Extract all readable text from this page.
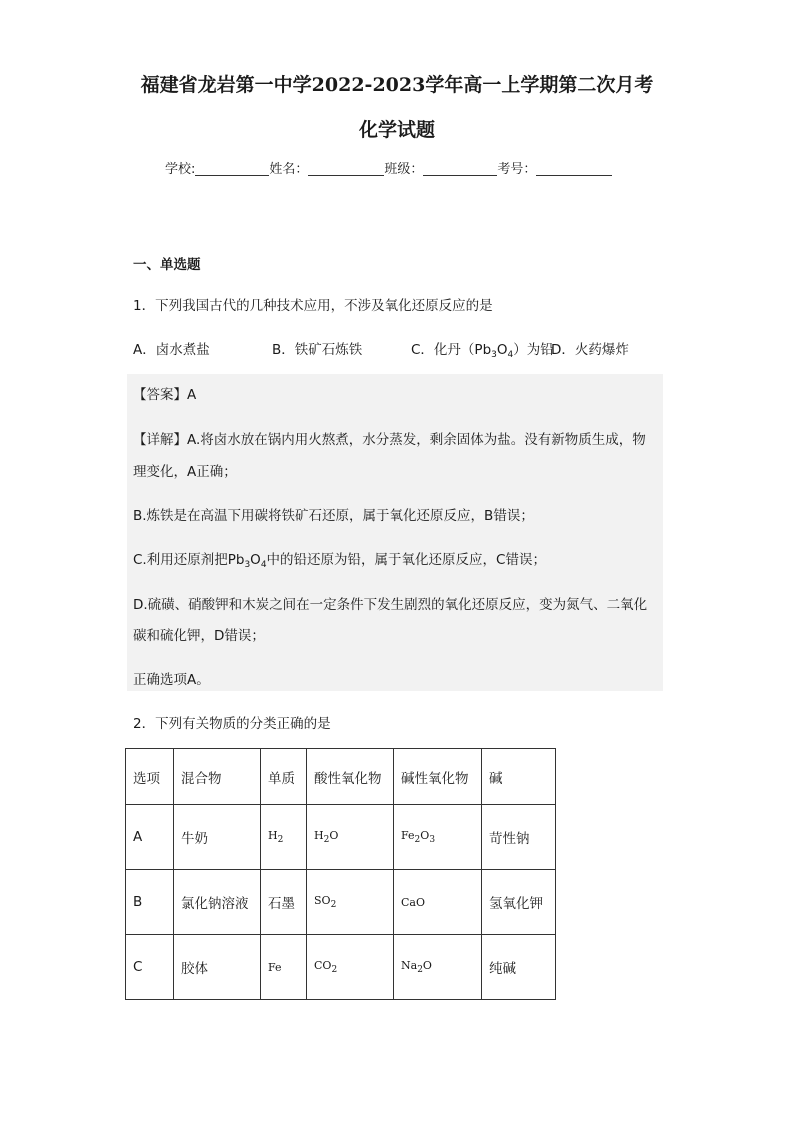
福建省龙岩第一中学2022-2023学年高一上学期第二次月考
化学试题
学校:	姓名：	班级：	考号：
一、单选题
1．下列我国古代的几种技术应用，不涉及氧化还原反应的是
A．卤水煮盐	B．铁矿石炼铁	C．化丹$(Pb_3O_4)$为铅
D．火药爆炸
【答案】A
【详解】A.将卤水放在锅内用火熬煮，水分蒸发，剩余固体为盐。没有新物质生成，物
理变化，A正确；
B.炼铁是在高温下用碳将铁矿石还原，属于氧化还原反应，B错误；
C.利用还原剂把$Pb_3O_4$中的铅还原为铅，属于氧化还原反应，C错误；
D.硫磺、硝酸钾和木炭之间在一定条件下发生剧烈的氧化还原反应，变为氮气、二氧化
碳和硫化钾，D错误；
正确选项A。
2．下列有关物质的分类正确的是
选项	混合物	单质	酸性氧化物	碱性氧化物	碱
A	牛奶	$H_2$	$H_2O$	$Fe_2O_3$	苛性钠
B	氯化钠溶液	石墨	$SO_2$	CaO	氢氧化钾
C	胶体	Fe	$CO_2$	$Na_2O$	纯碱
